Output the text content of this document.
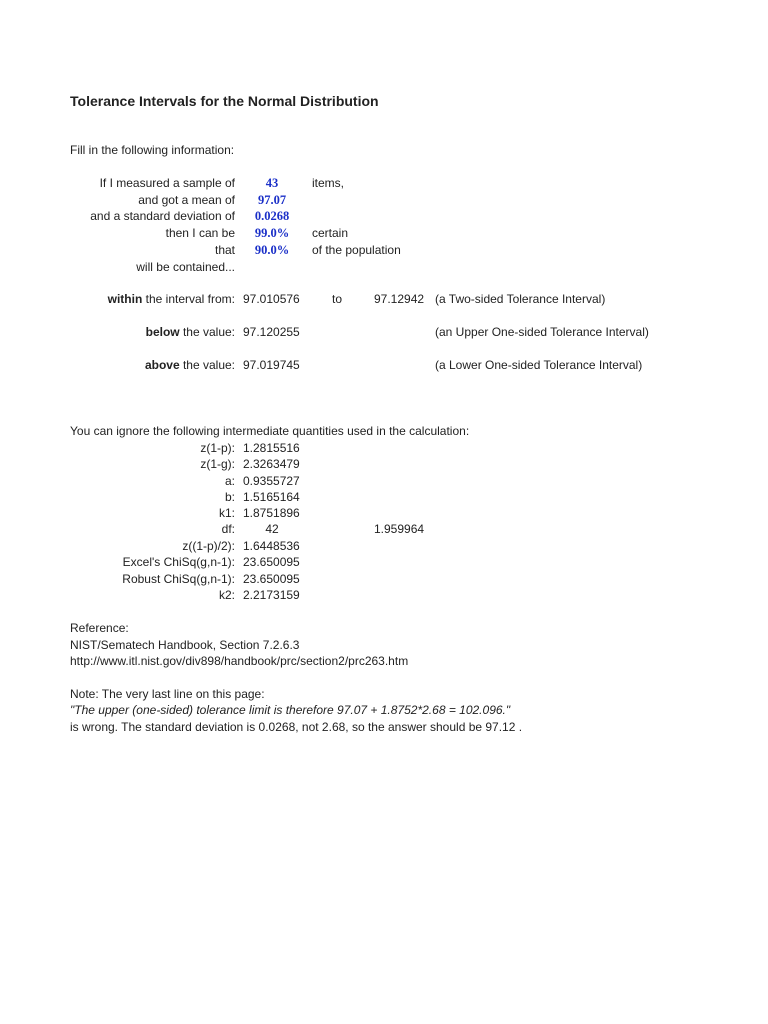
Tolerance Intervals for the Normal Distribution
Fill in the following information:
If I measured a sample of	43	items,
and got a mean of	97.07
and a standard deviation of	0.0268
then I can be	99.0%	certain
that	90.0%	of the population
will be contained...
within the interval from: 97.010576	to	97.12942 (a Two-sided Tolerance Interval)
below the value: 97.120255	(an Upper One-sided Tolerance Interval)
above the value: 97.019745	(a Lower One-sided Tolerance Interval)
You can ignore the following intermediate quantities used in the calculation:
z(1-p): 1.2815516
z(1-g): 2.3263479
a: 0.9355727
b: 1.5165164
k1: 1.8751896
df:	42	1.959964
z((1-p)/2): 1.6448536
Excel's ChiSq(g,n-1): 23.650095
Robust ChiSq(g,n-1): 23.650095
k2: 2.2173159
Reference:
NIST/Sematech Handbook, Section 7.2.6.3
http://www.itl.nist.gov/div898/handbook/prc/section2/prc263.htm
Note: The very last line on this page:
"The upper (one-sided) tolerance limit is therefore 97.07 + 1.8752*2.68 = 102.096."
is wrong. The standard deviation is 0.0268, not 2.68, so the answer should be 97.12 .
